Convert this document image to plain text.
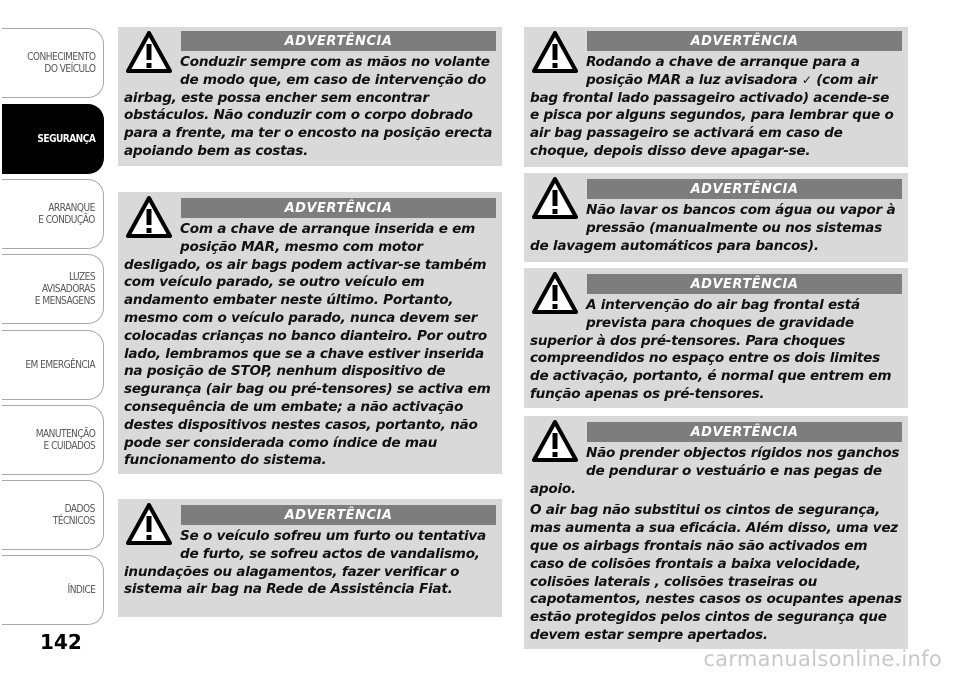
CONHECIMENTO
DO VEÍCULO
SEGURANÇA
ARRANQUE
E CONDUÇÃO
LUZES
AVISADORAS
E MENSAGENS
EM EMERGÊNCIA
MANUTENÇÃO
E CUIDADOS
DADOS
TÉCNICOS
ÍNDICE
142
ADVERTÊNCIA

Conduzir sempre com as mãos no volante de modo que, em caso de intervenção do airbag, este possa encher sem encontrar obstáculos. Não conduzir com o corpo dobrado para a frente, ma ter o encosto na posição erecta apoiando bem as costas.

ADVERTÊNCIA

Com a chave de arranque inserida e em posição MAR, mesmo com motor desligado, os air bags podem activar-se também com veículo parado, se outro veículo em andamento embater neste último. Portanto, mesmo com o veículo parado, nunca devem ser colocadas crianças no banco dianteiro. Por outro lado, lembramos que se a chave estiver inserida na posição de STOP, nenhum dispositivo de segurança (air bag ou pré-tensores) se activa em consequência de um embate; a não activação destes dispositivos nestes casos, portanto, não pode ser considerada como índice de mau funcionamento do sistema.

ADVERTÊNCIA

Se o veículo sofreu um furto ou tentativa de furto, se sofreu actos de vandalismo, inundações ou alagamentos, fazer verificar o sistema air bag na Rede de Assistência Fiat.

ADVERTÊNCIA

Rodando a chave de arranque para a posição MAR a luz avisadora ✓ (com air bag frontal lado passageiro activado) acende-se e pisca por alguns segundos, para lembrar que o air bag passageiro se activará em caso de choque, depois disso deve apagar-se.

ADVERTÊNCIA

Não lavar os bancos com água ou vapor à pressão (manualmente ou nos sistemas de lavagem automáticos para bancos).

ADVERTÊNCIA

A intervenção do air bag frontal está prevista para choques de gravidade superior à dos pré-tensores. Para choques compreendidos no espaço entre os dois limites de activação, portanto, é normal que entrem em função apenas os pré-tensores.

ADVERTÊNCIA

Não prender objectos rígidos nos ganchos de pendurar o vestuário e nas pegas de apoio.

O air bag não substitui os cintos de segurança, mas aumenta a sua eficácia. Além disso, uma vez que os airbags frontais não são activados em caso de colisões frontais a baixa velocidade, colisões laterais , colisões traseiras ou capotamentos, nestes casos os ocupantes apenas estão protegidos pelos cintos de segurança que devem estar sempre apertados.

carmanualsonline.info
